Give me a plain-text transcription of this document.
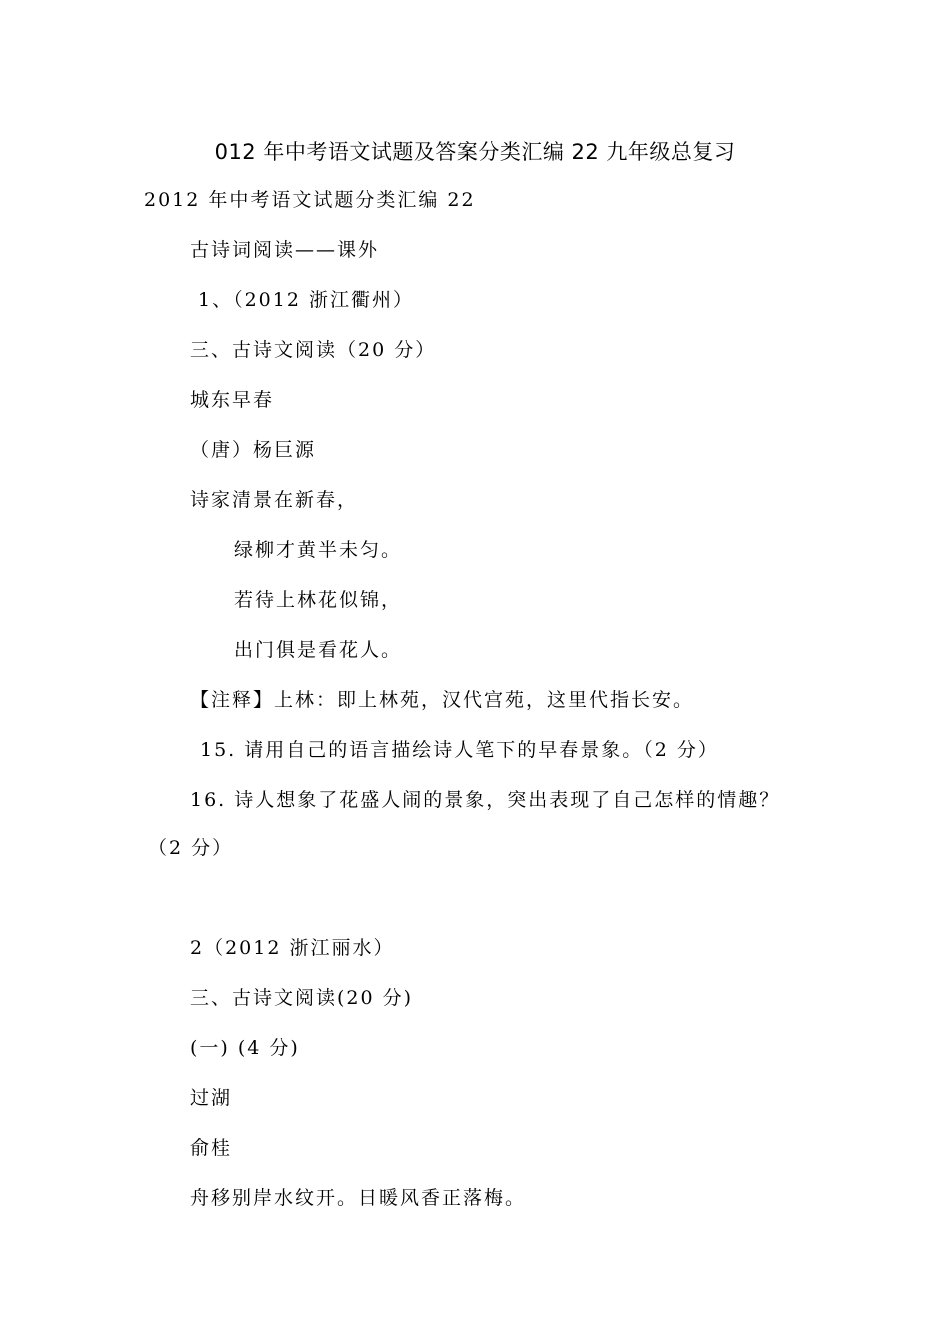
012 年中考语文试题及答案分类汇编 22 九年级总复习
2012 年中考语文试题分类汇编 22
古诗词阅读——课外
1、（2012 浙江衢州）
三、古诗文阅读（20 分）
城东早春
（唐）杨巨源
诗家清景在新春，
绿柳才黄半未匀。
若待上林花似锦，
出门俱是看花人。
【注释】上林：即上林苑，汉代宫苑，这里代指长安。
15. 请用自己的语言描绘诗人笔下的早春景象。（2 分）
16. 诗人想象了花盛人闹的景象，突出表现了自己怎样的情趣？
（2 分）
2（2012 浙江丽水）
三、古诗文阅读(20 分)
(一) (4 分)
过湖
俞桂
舟移别岸水纹开。日暖风香正落梅。
